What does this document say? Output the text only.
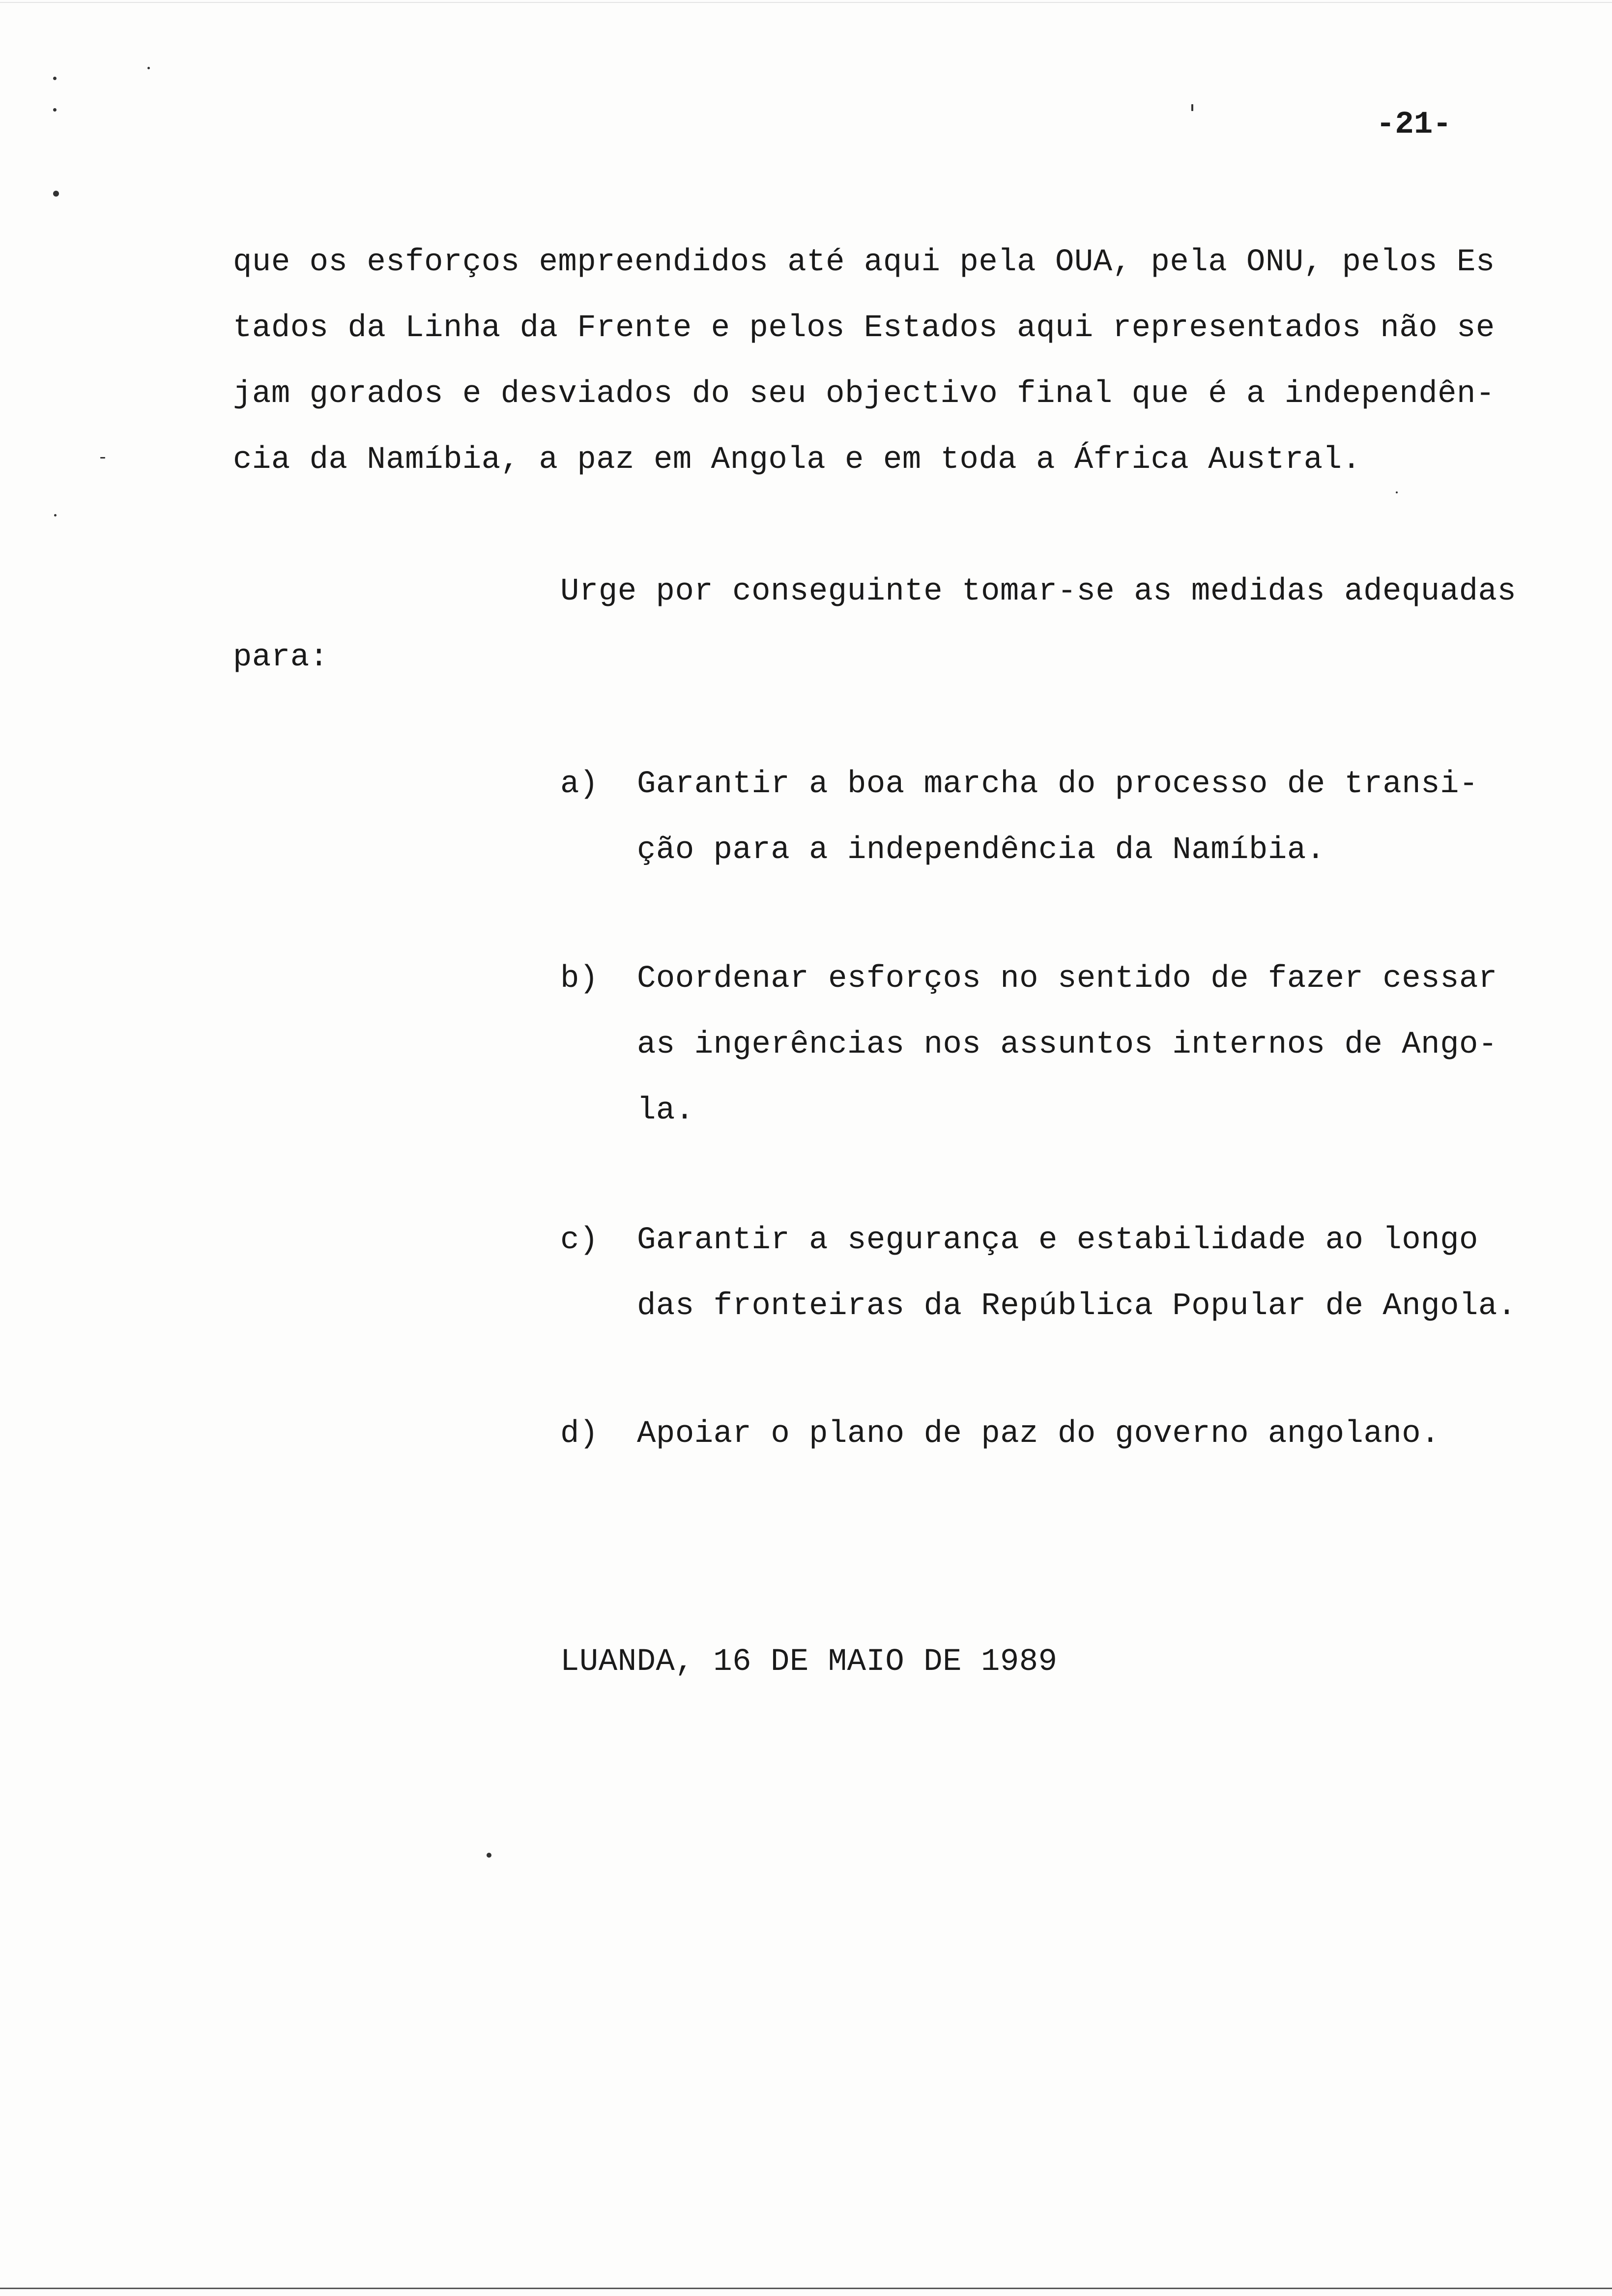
-21-
que os esforços empreendidos até aqui pela OUA, pela ONU, pelos Es
tados da Linha da Frente e pelos Estados aqui representados não se
jam gorados e desviados do seu objectivo final que é a independên-
cia da Namíbia, a paz em Angola e em toda a África Austral.
Urge por conseguinte tomar-se as medidas adequadas
para:
a) Garantir a boa marcha do processo de transi-
ção para a independência da Namíbia.
b) Coordenar esforços no sentido de fazer cessar
as ingerências nos assuntos internos de Ango-
la.
c) Garantir a segurança e estabilidade ao longo
das fronteiras da República Popular de Angola.
d) Apoiar o plano de paz do governo angolano.
LUANDA, 16 DE MAIO DE 1989
